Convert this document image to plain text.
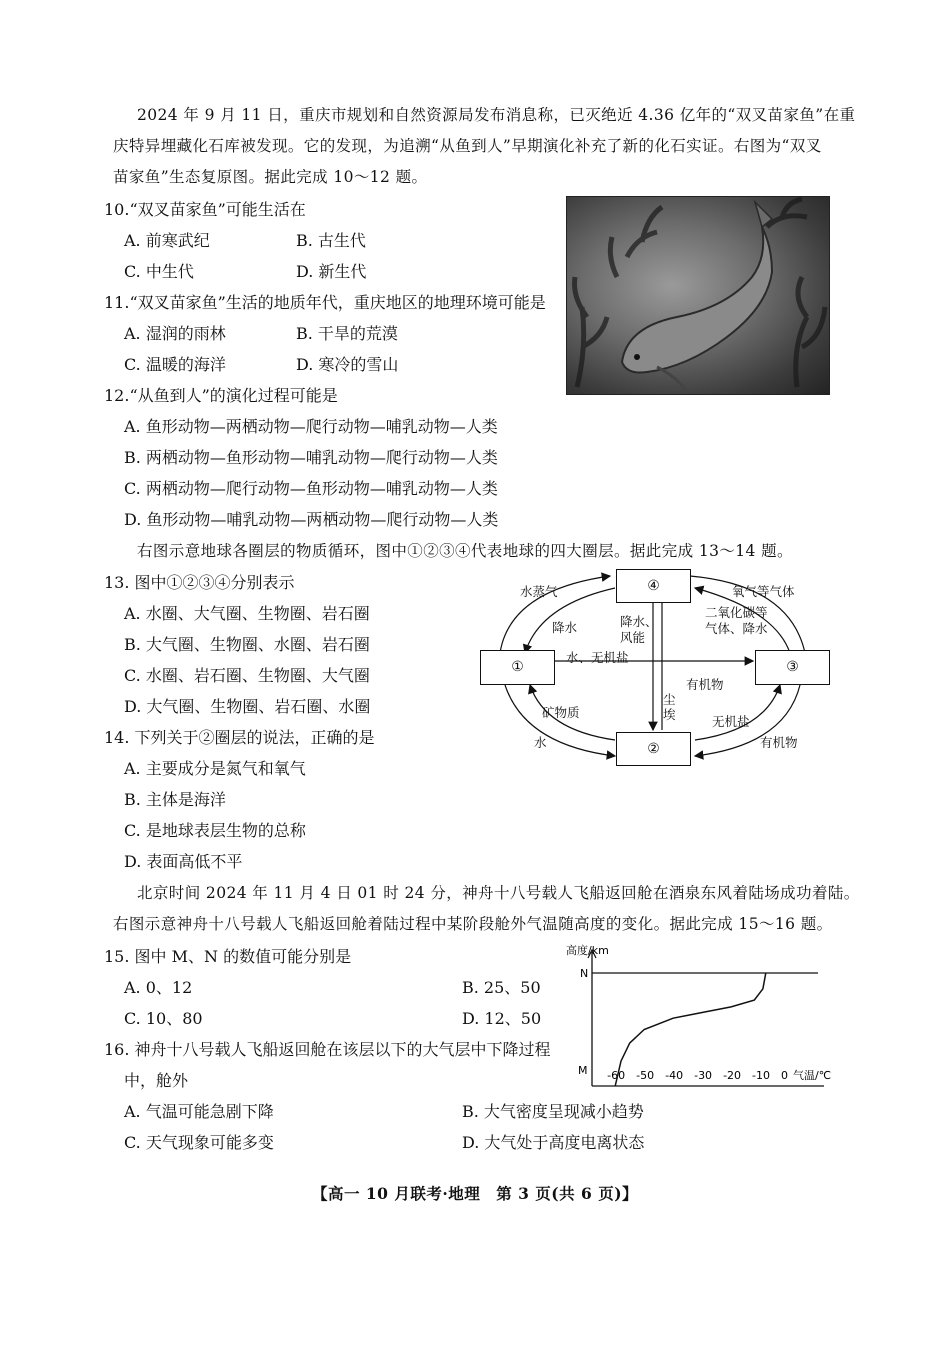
2024 年 9 月 11 日，重庆市规划和自然资源局发布消息称，已灭绝近 4.36 亿年的“双叉苗家鱼”在重
庆特异埋藏化石库被发现。它的发现，为追溯“从鱼到人”早期演化补充了新的化石实证。右图为“双叉
苗家鱼”生态复原图。据此完成 10～12 题。
10.“双叉苗家鱼”可能生活在
A. 前寒武纪	B. 古生代
C. 中生代	D. 新生代
11.“双叉苗家鱼”生活的地质年代，重庆地区的地理环境可能是
A. 湿润的雨林	B. 干旱的荒漠
C. 温暖的海洋	D. 寒冷的雪山
12.“从鱼到人”的演化过程可能是
A. 鱼形动物—两栖动物—爬行动物—哺乳动物—人类
B. 两栖动物—鱼形动物—哺乳动物—爬行动物—人类
C. 两栖动物—爬行动物—鱼形动物—哺乳动物—人类
D. 鱼形动物—哺乳动物—两栖动物—爬行动物—人类
右图示意地球各圈层的物质循环，图中①②③④代表地球的四大圈层。据此完成 13～14 题。
13. 图中①②③④分别表示
A. 水圈、大气圈、生物圈、岩石圈
B. 大气圈、生物圈、水圈、岩石圈
C. 水圈、岩石圈、生物圈、大气圈
D. 大气圈、生物圈、岩石圈、水圈
14. 下列关于②圈层的说法，正确的是
A. 主要成分是氮气和氧气
B. 主体是海洋
C. 是地球表层生物的总称
D. 表面高低不平
④
①	③
②
水蒸气
降水	降水、
风能
氧气等气体
二氧化碳等
气体、降水
水、无机盐
有机物
矿物质
尘
埃	无机盐
水	有机物
北京时间 2024 年 11 月 4 日 01 时 24 分，神舟十八号载人飞船返回舱在酒泉东风着陆场成功着陆。
右图示意神舟十八号载人飞船返回舱着陆过程中某阶段舱外气温随高度的变化。据此完成 15～16 题。
15. 图中 M、N 的数值可能分别是
A. 0、12	B. 25、50
C. 10、80	D. 12、50
高度/km
N
M	气温/℃
-60 -50 -40 -30 -20 -10 0
16. 神舟十八号载人飞船返回舱在该层以下的大气层中下降过程
中，舱外
A. 气温可能急剧下降	B. 大气密度呈现减小趋势
C. 天气现象可能多变	D. 大气处于高度电离状态
【高一 10 月联考·地理　第 3 页(共 6 页)】
